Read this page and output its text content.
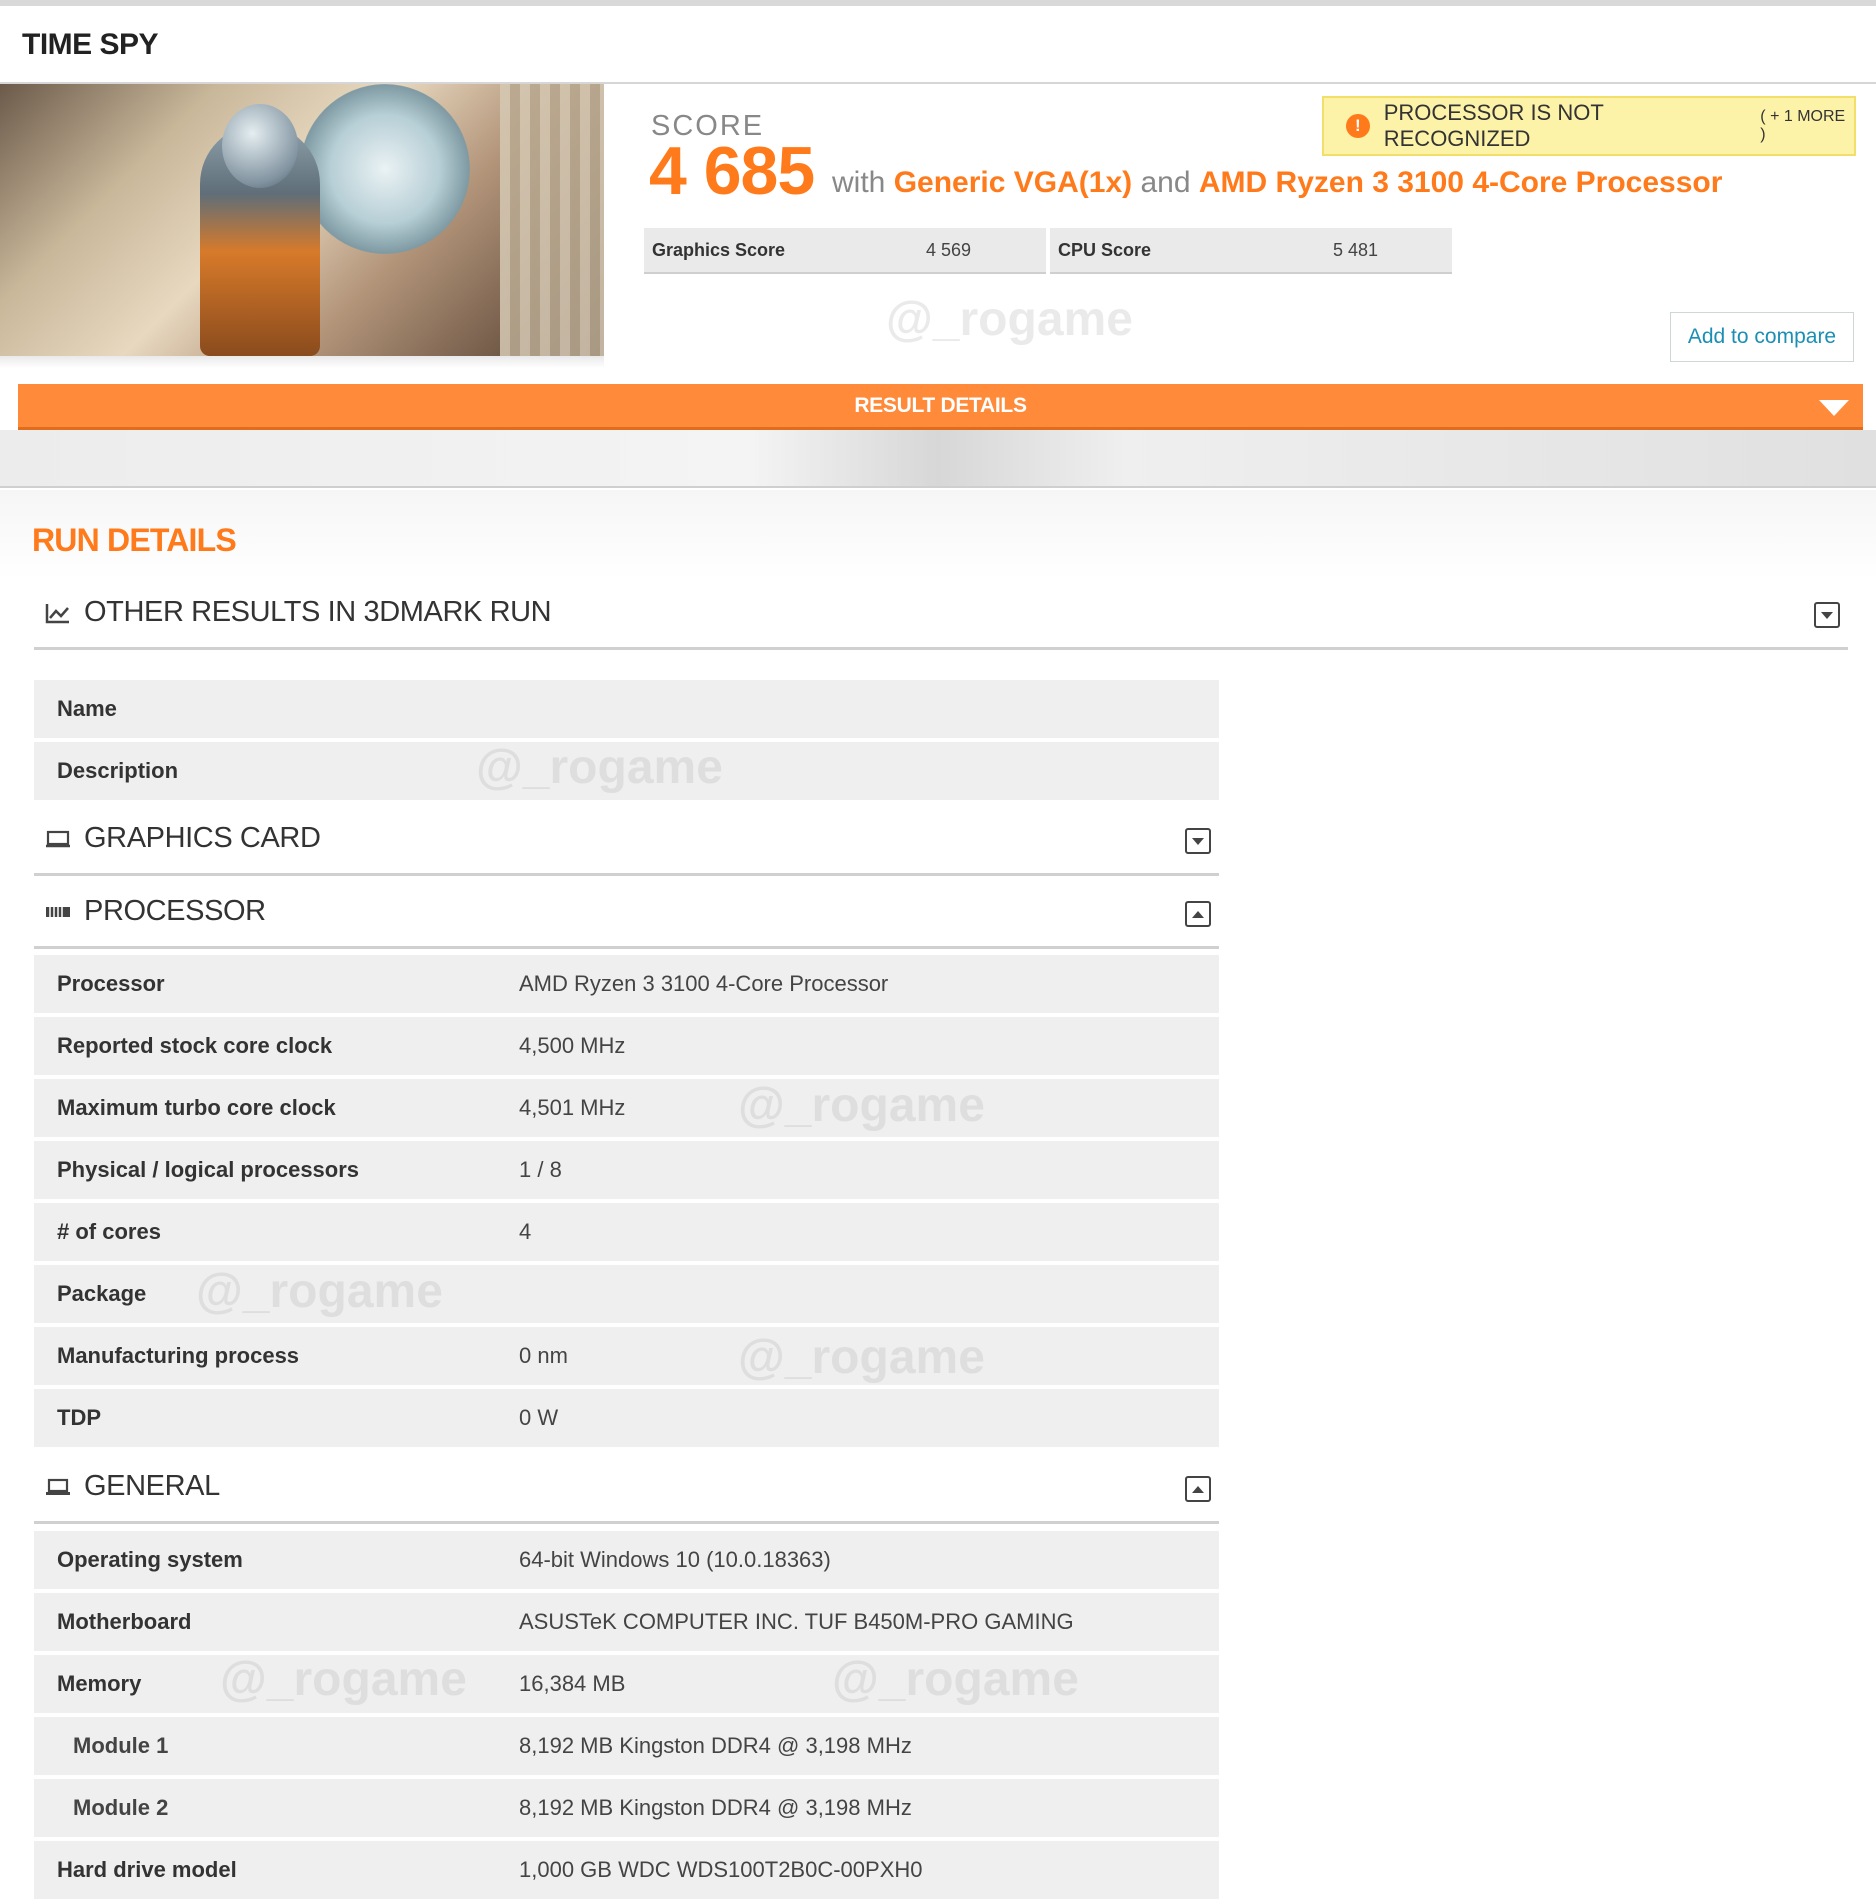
TIME SPY
SCORE
4 685 with Generic VGA(1x) and AMD Ryzen 3 3100 4-Core Processor
!
PROCESSOR IS NOT RECOGNIZED
( + 1 MORE )
Graphics Score	4 569	CPU Score	5 481
@_rogame	Add to compare
RESULT DETAILS
RUN DETAILS
OTHER RESULTS IN 3DMARK RUN
Name
Description	@_rogame
GRAPHICS CARD
PROCESSOR
Processor	AMD Ryzen 3 3100 4-Core Processor
Reported stock core clock	4,500 MHz
Maximum turbo core clock	4,501 MHz
Physical / logical processors	1 / 8
# of cores	4
Package
Manufacturing process	0 nm
TDP	0 W
@_rogame
@_rogame
@_rogame
GENERAL
Operating system	64-bit Windows 10 (10.0.18363)
Motherboard	ASUSTeK COMPUTER INC. TUF B450M-PRO GAMING
Memory	16,384 MB
Module 1	8,192 MB Kingston DDR4 @ 3,198 MHz
Module 2	8,192 MB Kingston DDR4 @ 3,198 MHz
Hard drive model	1,000 GB WDC WDS100T2B0C-00PXH0
@_rogame	@_rogame
